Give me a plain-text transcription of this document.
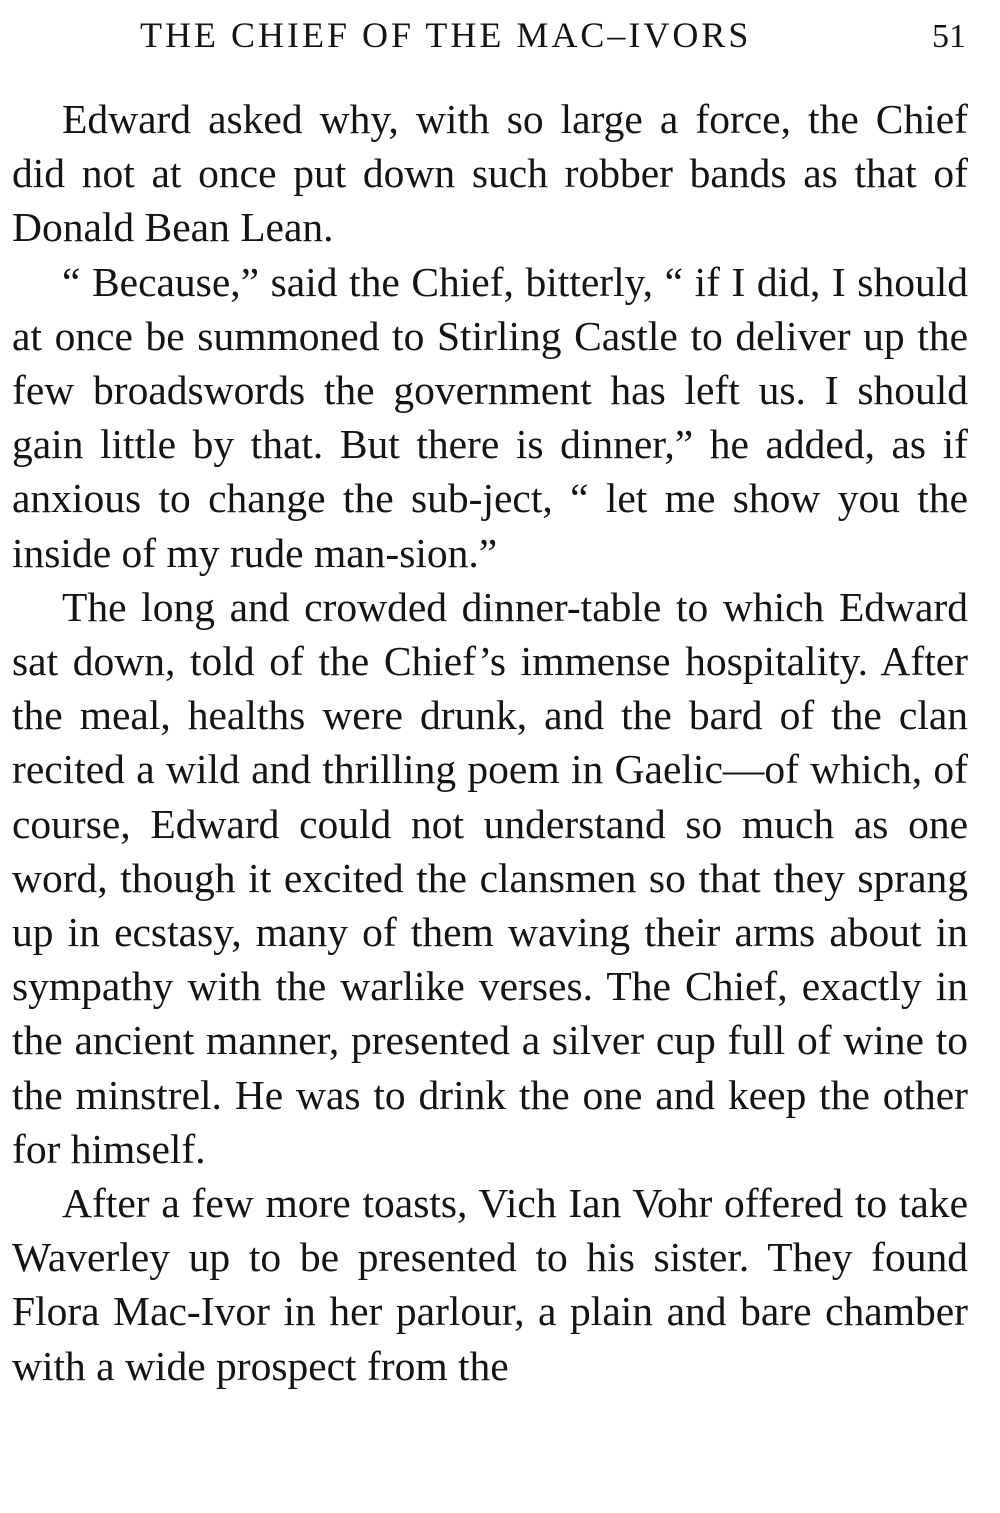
THE CHIEF OF THE MAC–IVORS	51

Edward asked why, with so large a force, the Chief did not at once put down such robber bands as that of Donald Bean Lean.

“ Because,” said the Chief, bitterly, “ if I did, I should at once be summoned to Stirling Castle to deliver up the few broadswords the government has left us. I should gain little by that. But there is dinner,” he added, as if anxious to change the sub-ject, “ let me show you the inside of my rude man-sion.”

The long and crowded dinner-table to which Edward sat down, told of the Chief’s immense hospitality. After the meal, healths were drunk, and the bard of the clan recited a wild and thrilling poem in Gaelic—of which, of course, Edward could not understand so much as one word, though it excited the clansmen so that they sprang up in ecstasy, many of them waving their arms about in sympathy with the warlike verses. The Chief, exactly in the ancient manner, presented a silver cup full of wine to the minstrel. He was to drink the one and keep the other for himself.

After a few more toasts, Vich Ian Vohr offered to take Waverley up to be presented to his sister. They found Flora Mac-Ivor in her parlour, a plain and bare chamber with a wide prospect from the
